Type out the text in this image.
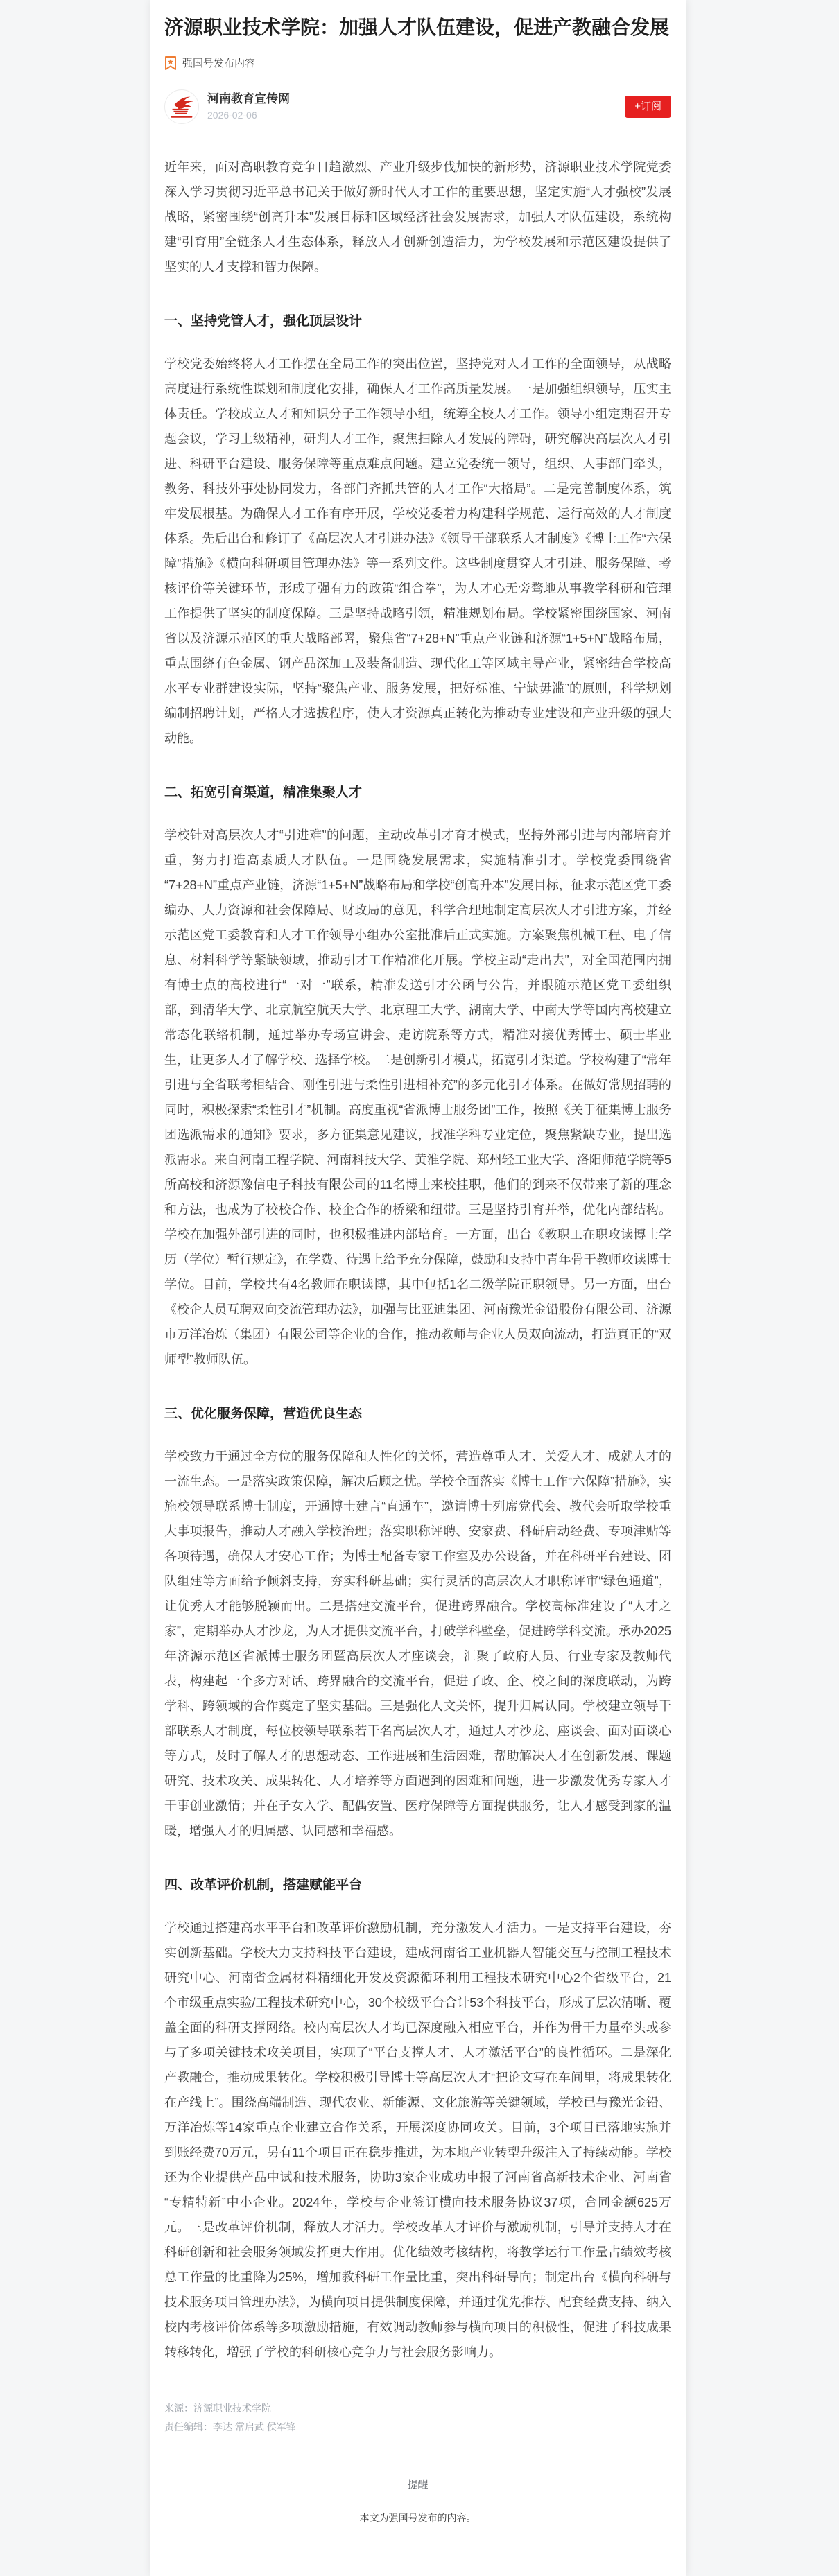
济源职业技术学院：加强人才队伍建设，促进产教融合发展
强国号发布内容
河南教育宣传网
2026-02-06
+订阅

近年来，面对高职教育竞争日趋激烈、产业升级步伐加快的新形势，济源职业技术学院党委深入学习贯彻习近平总书记关于做好新时代人才工作的重要思想，坚定实施“人才强校”发展战略，紧密围绕“创高升本”发展目标和区域经济社会发展需求，加强人才队伍建设，系统构建“引育用”全链条人才生态体系，释放人才创新创造活力，为学校发展和示范区建设提供了坚实的人才支撑和智力保障。

一、坚持党管人才，强化顶层设计

学校党委始终将人才工作摆在全局工作的突出位置，坚持党对人才工作的全面领导，从战略高度进行系统性谋划和制度化安排，确保人才工作高质量发展。一是加强组织领导，压实主体责任。学校成立人才和知识分子工作领导小组，统筹全校人才工作。领导小组定期召开专题会议，学习上级精神，研判人才工作，聚焦扫除人才发展的障碍，研究解决高层次人才引进、科研平台建设、服务保障等重点难点问题。建立党委统一领导，组织、人事部门牵头，教务、科技外事处协同发力，各部门齐抓共管的人才工作“大格局”。二是完善制度体系，筑牢发展根基。为确保人才工作有序开展，学校党委着力构建科学规范、运行高效的人才制度体系。先后出台和修订了《高层次人才引进办法》《领导干部联系人才制度》《博士工作“六保障”措施》《横向科研项目管理办法》等一系列文件。这些制度贯穿人才引进、服务保障、考核评价等关键环节，形成了强有力的政策“组合拳”，为人才心无旁骛地从事教学科研和管理工作提供了坚实的制度保障。三是坚持战略引领，精准规划布局。学校紧密围绕国家、河南省以及济源示范区的重大战略部署，聚焦省“7+28+N”重点产业链和济源“1+5+N”战略布局，重点围绕有色金属、钢产品深加工及装备制造、现代化工等区域主导产业，紧密结合学校高水平专业群建设实际，坚持“聚焦产业、服务发展，把好标准、宁缺毋滥”的原则，科学规划编制招聘计划，严格人才选拔程序，使人才资源真正转化为推动专业建设和产业升级的强大动能。

二、拓宽引育渠道，精准集聚人才

学校针对高层次人才“引进难”的问题，主动改革引才育才模式，坚持外部引进与内部培育并重，努力打造高素质人才队伍。一是围绕发展需求，实施精准引才。学校党委围绕省“7+28+N”重点产业链，济源“1+5+N”战略布局和学校“创高升本”发展目标，征求示范区党工委编办、人力资源和社会保障局、财政局的意见，科学合理地制定高层次人才引进方案，并经示范区党工委教育和人才工作领导小组办公室批准后正式实施。方案聚焦机械工程、电子信息、材料科学等紧缺领域，推动引才工作精准化开展。学校主动“走出去”，对全国范围内拥有博士点的高校进行“一对一”联系，精准发送引才公函与公告，并跟随示范区党工委组织部，到清华大学、北京航空航天大学、北京理工大学、湖南大学、中南大学等国内高校建立常态化联络机制，通过举办专场宣讲会、走访院系等方式，精准对接优秀博士、硕士毕业生，让更多人才了解学校、选择学校。二是创新引才模式，拓宽引才渠道。学校构建了“常年引进与全省联考相结合、刚性引进与柔性引进相补充”的多元化引才体系。在做好常规招聘的同时，积极探索“柔性引才”机制。高度重视“省派博士服务团”工作，按照《关于征集博士服务团选派需求的通知》要求，多方征集意见建议，找准学科专业定位，聚焦紧缺专业，提出选派需求。来自河南工程学院、河南科技大学、黄淮学院、郑州轻工业大学、洛阳师范学院等5所高校和济源豫信电子科技有限公司的11名博士来校挂职，他们的到来不仅带来了新的理念和方法，也成为了校校合作、校企合作的桥梁和纽带。三是坚持引育并举，优化内部结构。学校在加强外部引进的同时，也积极推进内部培育。一方面，出台《教职工在职攻读博士学历（学位）暂行规定》，在学费、待遇上给予充分保障，鼓励和支持中青年骨干教师攻读博士学位。目前，学校共有4名教师在职读博，其中包括1名二级学院正职领导。另一方面，出台《校企人员互聘双向交流管理办法》，加强与比亚迪集团、河南豫光金铅股份有限公司、济源市万洋冶炼（集团）有限公司等企业的合作，推动教师与企业人员双向流动，打造真正的“双师型”教师队伍。

三、优化服务保障，营造优良生态

学校致力于通过全方位的服务保障和人性化的关怀，营造尊重人才、关爱人才、成就人才的一流生态。一是落实政策保障，解决后顾之忧。学校全面落实《博士工作“六保障”措施》，实施校领导联系博士制度，开通博士建言“直通车”，邀请博士列席党代会、教代会听取学校重大事项报告，推动人才融入学校治理；落实职称评聘、安家费、科研启动经费、专项津贴等各项待遇，确保人才安心工作；为博士配备专家工作室及办公设备，并在科研平台建设、团队组建等方面给予倾斜支持，夯实科研基础；实行灵活的高层次人才职称评审“绿色通道”，让优秀人才能够脱颖而出。二是搭建交流平台，促进跨界融合。学校高标准建设了“人才之家”，定期举办人才沙龙，为人才提供交流平台，打破学科壁垒，促进跨学科交流。承办2025年济源示范区省派博士服务团暨高层次人才座谈会，汇聚了政府人员、行业专家及教师代表，构建起一个多方对话、跨界融合的交流平台，促进了政、企、校之间的深度联动，为跨学科、跨领域的合作奠定了坚实基础。三是强化人文关怀，提升归属认同。学校建立领导干部联系人才制度，每位校领导联系若干名高层次人才，通过人才沙龙、座谈会、面对面谈心等方式，及时了解人才的思想动态、工作进展和生活困难，帮助解决人才在创新发展、课题研究、技术攻关、成果转化、人才培养等方面遇到的困难和问题，进一步激发优秀专家人才干事创业激情；并在子女入学、配偶安置、医疗保障等方面提供服务，让人才感受到家的温暖，增强人才的归属感、认同感和幸福感。

四、改革评价机制，搭建赋能平台

学校通过搭建高水平平台和改革评价激励机制，充分激发人才活力。一是支持平台建设，夯实创新基础。学校大力支持科技平台建设，建成河南省工业机器人智能交互与控制工程技术研究中心、河南省金属材料精细化开发及资源循环利用工程技术研究中心2个省级平台，21个市级重点实验/工程技术研究中心，30个校级平台合计53个科技平台，形成了层次清晰、覆盖全面的科研支撑网络。校内高层次人才均已深度融入相应平台，并作为骨干力量牵头或参与了多项关键技术攻关项目，实现了“平台支撑人才、人才激活平台”的良性循环。二是深化产教融合，推动成果转化。学校积极引导博士等高层次人才“把论文写在车间里，将成果转化在产线上”。围绕高端制造、现代农业、新能源、文化旅游等关键领域，学校已与豫光金铅、万洋冶炼等14家重点企业建立合作关系，开展深度协同攻关。目前，3个项目已落地实施并到账经费70万元，另有11个项目正在稳步推进，为本地产业转型升级注入了持续动能。学校还为企业提供产品中试和技术服务，协助3家企业成功申报了河南省高新技术企业、河南省“专精特新”中小企业。2024年，学校与企业签订横向技术服务协议37项，合同金额625万元。三是改革评价机制，释放人才活力。学校改革人才评价与激励机制，引导并支持人才在科研创新和社会服务领域发挥更大作用。优化绩效考核结构，将教学运行工作量占绩效考核总工作量的比重降为25%，增加教科研工作量比重，突出科研导向；制定出台《横向科研与技术服务项目管理办法》，为横向项目提供制度保障，并通过优先推荐、配套经费支持、纳入校内考核评价体系等多项激励措施，有效调动教师参与横向项目的积极性，促进了科技成果转移转化，增强了学校的科研核心竞争力与社会服务影响力。

来源：济源职业技术学院
责任编辑：李达 常启武 侯军锋
提醒

本文为强国号发布的内容。
